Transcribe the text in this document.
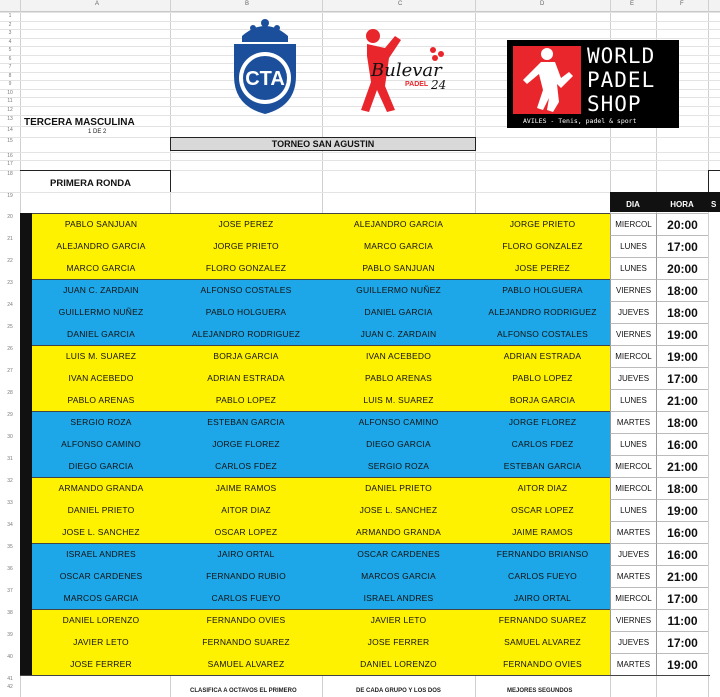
A	B	C	D	E	F
1
2
3
4
5
6
7
8
9
10
11
12
13
14
15
16
17
18
19
20
21
22
23
24
25
26
27
28
29
30
31
32
33
34
35
36
37
38
39
40
41
42
CTA	Bulevar
PADEL 24
WORLD
PADEL
SHOP
AVILES - Tenis, padel & sport
TERCERA MASCULINA
1 DE 2
TORNEO SAN AGUSTIN
PRIMERA RONDA
DIA	HORA	S
PABLO SANJUAN	JOSE PEREZ	ALEJANDRO GARCIA	JORGE PRIETO	MIERCOL	20:00
ALEJANDRO GARCIA	JORGE PRIETO	MARCO GARCIA	FLORO GONZALEZ	LUNES	17:00
MARCO GARCIA	FLORO GONZALEZ	PABLO SANJUAN	JOSE PEREZ	LUNES	20:00
JUAN C. ZARDAIN	ALFONSO COSTALES	GUILLERMO NUÑEZ	PABLO HOLGUERA	VIERNES	18:00
GUILLERMO NUÑEZ	PABLO HOLGUERA	DANIEL GARCIA	ALEJANDRO RODRIGUEZ	JUEVES	18:00
DANIEL GARCIA	ALEJANDRO RODRIGUEZ	JUAN C. ZARDAIN	ALFONSO COSTALES	VIERNES	19:00
LUIS M. SUAREZ	BORJA GARCIA	IVAN ACEBEDO	ADRIAN ESTRADA	MIERCOL	19:00
IVAN ACEBEDO	ADRIAN ESTRADA	PABLO ARENAS	PABLO LOPEZ	JUEVES	17:00
PABLO ARENAS	PABLO LOPEZ	LUIS M. SUAREZ	BORJA GARCIA	LUNES	21:00
SERGIO ROZA	ESTEBAN GARCIA	ALFONSO CAMINO	JORGE FLOREZ	MARTES	18:00
ALFONSO CAMINO	JORGE FLOREZ	DIEGO GARCIA	CARLOS FDEZ	LUNES	16:00
DIEGO GARCIA	CARLOS FDEZ	SERGIO ROZA	ESTEBAN GARCIA	MIERCOL	21:00
ARMANDO GRANDA	JAIME RAMOS	DANIEL PRIETO	AITOR DIAZ	MIERCOL	18:00
DANIEL PRIETO	AITOR DIAZ	JOSE L. SANCHEZ	OSCAR LOPEZ	LUNES	19:00
JOSE L. SANCHEZ	OSCAR LOPEZ	ARMANDO GRANDA	JAIME RAMOS	MARTES	16:00
ISRAEL ANDRES	JAIRO ORTAL	OSCAR CARDENES	FERNANDO BRIANSO	JUEVES	16:00
OSCAR CARDENES	FERNANDO RUBIO	MARCOS GARCIA	CARLOS FUEYO	MARTES	21:00
MARCOS GARCIA	CARLOS FUEYO	ISRAEL ANDRES	JAIRO ORTAL	MIERCOL	17:00
DANIEL LORENZO	FERNANDO OVIES	JAVIER LETO	FERNANDO SUAREZ	VIERNES	11:00
JAVIER LETO	FERNANDO SUAREZ	JOSE FERRER	SAMUEL ALVAREZ	JUEVES	17:00
JOSE FERRER	SAMUEL ALVAREZ	DANIEL LORENZO	FERNANDO OVIES	MARTES	19:00
CLASIFICA A OCTAVOS EL PRIMERO	DE CADA GRUPO Y LOS DOS	MEJORES SEGUNDOS
